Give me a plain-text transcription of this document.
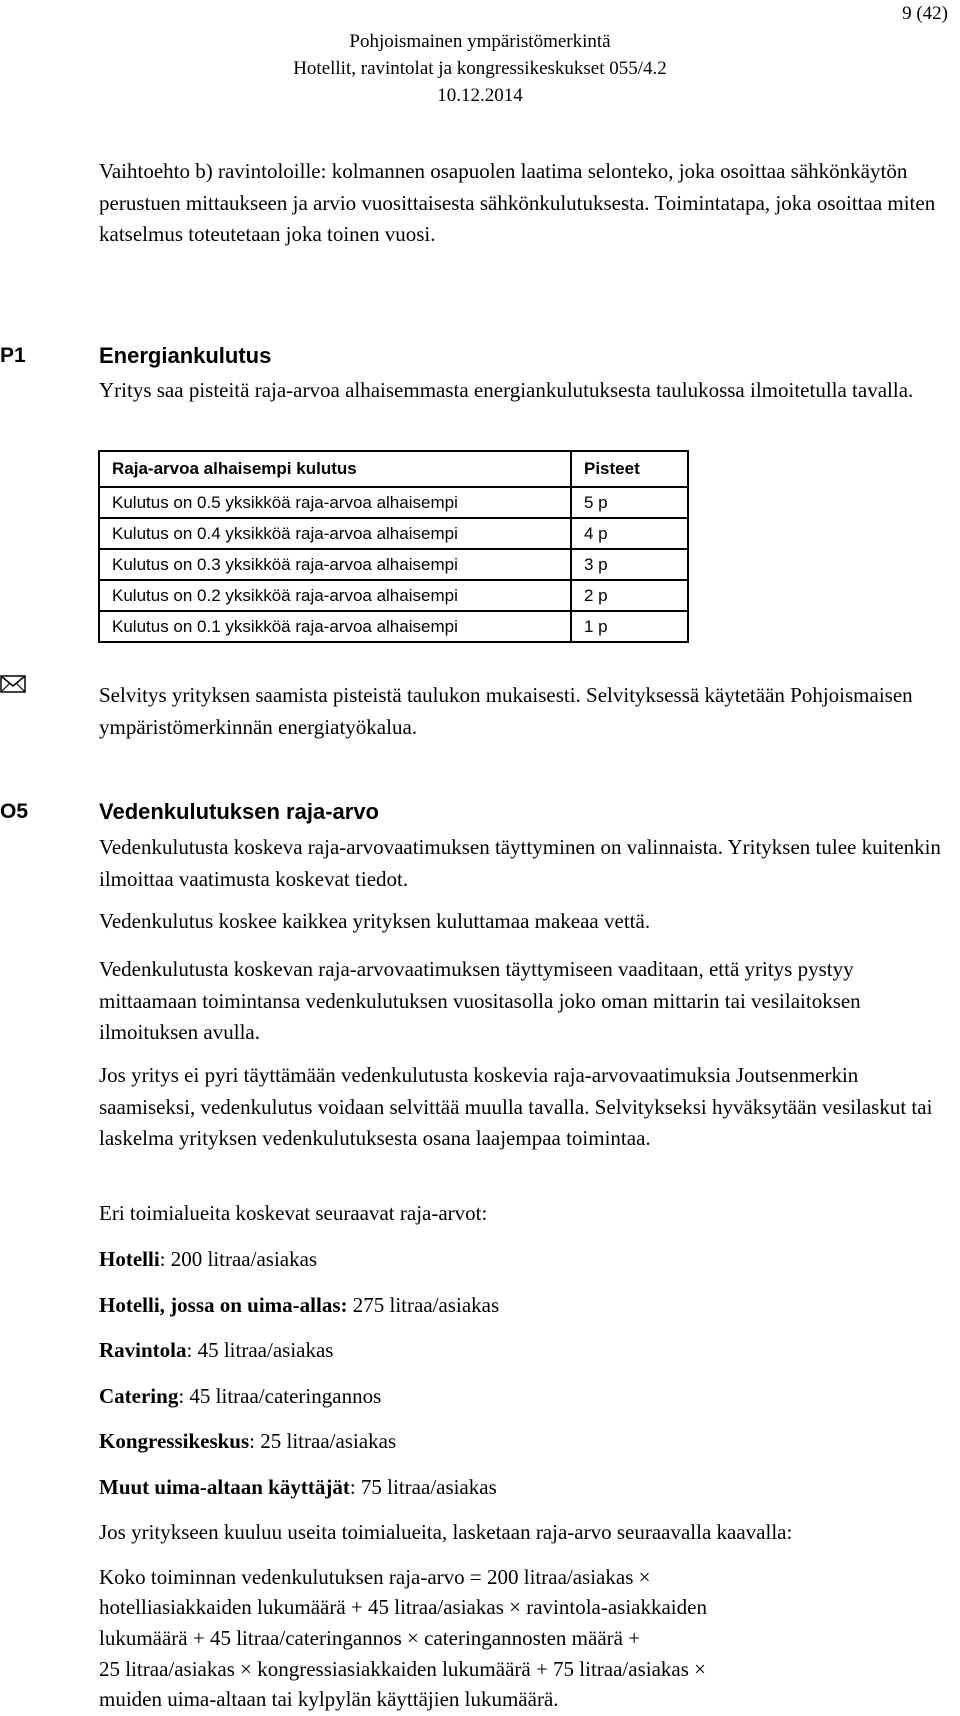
9 (42)
Pohjoismainen ympäristömerkintä
Hotellit, ravintolat ja kongressikeskukset 055/4.2
10.12.2014
Vaihtoehto b) ravintoloille: kolmannen osapuolen laatima selonteko, joka osoittaa sähkönkäytön perustuen mittaukseen ja arvio vuosittaisesta sähkönkulutuksesta. Toimintatapa, joka osoittaa miten katselmus toteutetaan joka toinen vuosi.
P1	Energiankulutus
Yritys saa pisteitä raja-arvoa alhaisemmasta energiankulutuksesta taulukossa ilmoitetulla tavalla.
Raja-arvoa alhaisempi kulutus	Pisteet
Kulutus on 0.5 yksikköä raja-arvoa alhaisempi	5 p
Kulutus on 0.4 yksikköä raja-arvoa alhaisempi	4 p
Kulutus on 0.3 yksikköä raja-arvoa alhaisempi	3 p
Kulutus on 0.2 yksikköä raja-arvoa alhaisempi	2 p
Kulutus on 0.1 yksikköä raja-arvoa alhaisempi	1 p
Selvitys yrityksen saamista pisteistä taulukon mukaisesti. Selvityksessä käytetään Pohjoismaisen ympäristömerkinnän energiatyökalua.
O5	Vedenkulutuksen raja-arvo
Vedenkulutusta koskeva raja-arvovaatimuksen täyttyminen on valinnaista. Yrityksen tulee kuitenkin ilmoittaa vaatimusta koskevat tiedot.
Vedenkulutus koskee kaikkea yrityksen kuluttamaa makeaa vettä.
Vedenkulutusta koskevan raja-arvovaatimuksen täyttymiseen vaaditaan, että yritys pystyy mittaamaan toimintansa vedenkulutuksen vuositasolla joko oman mittarin tai vesilaitoksen ilmoituksen avulla.
Jos yritys ei pyri täyttämään vedenkulutusta koskevia raja-arvovaatimuksia Joutsenmerkin saamiseksi, vedenkulutus voidaan selvittää muulla tavalla. Selvitykseksi hyväksytään vesilaskut tai laskelma yrityksen vedenkulutuksesta osana laajempaa toimintaa.
Eri toimialueita koskevat seuraavat raja-arvot:
Hotelli: 200 litraa/asiakas
Hotelli, jossa on uima-allas: 275 litraa/asiakas
Ravintola: 45 litraa/asiakas
Catering: 45 litraa/cateringannos
Kongressikeskus: 25 litraa/asiakas
Muut uima-altaan käyttäjät: 75 litraa/asiakas
Jos yritykseen kuuluu useita toimialueita, lasketaan raja-arvo seuraavalla kaavalla:
Koko toiminnan vedenkulutuksen raja-arvo = 200 litraa/asiakas ×
hotelliasiakkaiden lukumäärä + 45 litraa/asiakas × ravintola-asiakkaiden
lukumäärä + 45 litraa/cateringannos × cateringannosten määrä +
25 litraa/asiakas × kongressiasiakkaiden lukumäärä + 75 litraa/asiakas ×
muiden uima-altaan tai kylpylän käyttäjien lukumäärä.
